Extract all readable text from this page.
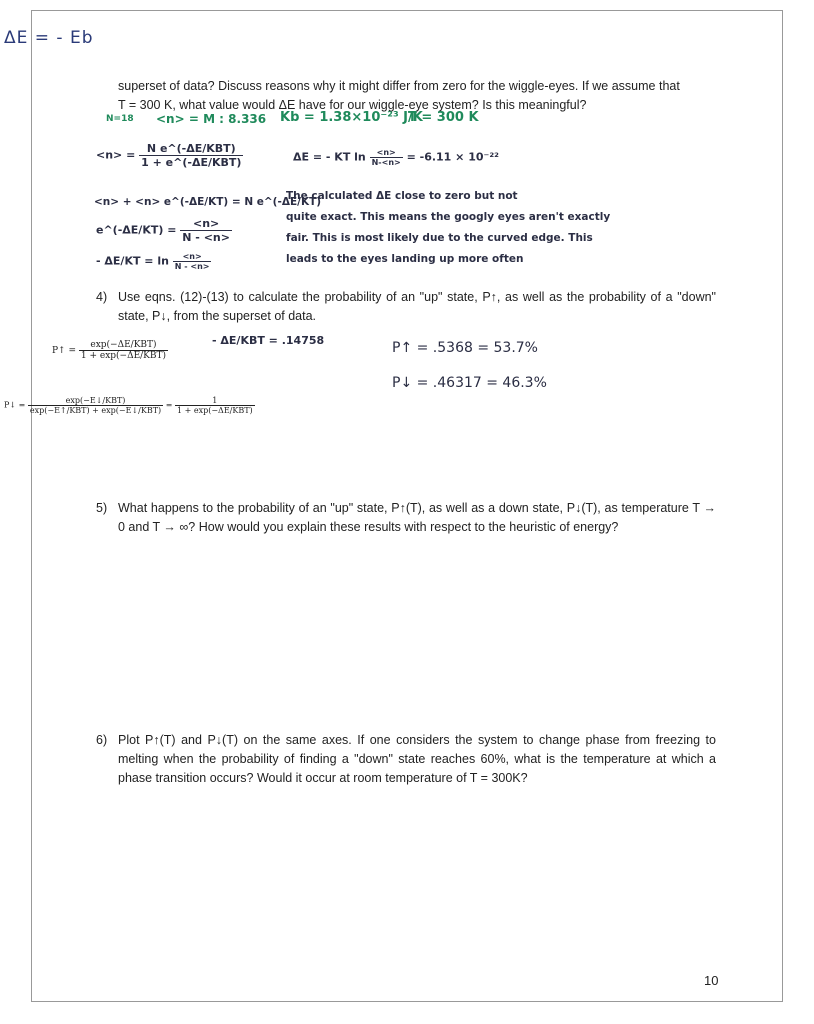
ΔE = - Eb
superset of data? Discuss reasons why it might differ from zero for the wiggle-eyes. If we assume that
T = 300 K, what value would ΔE have for our wiggle-eye system? Is this meaningful?
N=18 <n> = M : 8.336 Kb = 1.38×10⁻²³ J/K
T = 300 K
$<n> = \frac{\text{N e\textasciicircum{}(-ΔE/KBT)}}{\text{1 + e\textasciicircum{}(-ΔE/KBT)}}$
<n> + <n> e^(-ΔE/KT) = N e^(-ΔE/KT)
e^(-ΔE/KT) = $\frac{<n>}{N - <n>}$
- $\Delta E/KT = \ln \frac{<n>}{N - <n>}$
ΔE = - KT $\ln \frac{<n>}{N-<n>} = -6.11 \times 10^{-22}$
The calculated ΔE close to zero but not
quite exact. This means the googly eyes aren't exactly
fair. This is most likely due to the curved edge. This
leads to the eyes landing up more often
4) Use eqns. (12)-(13) to calculate the probability of an "up" state, P↑, as well as the probability of a "down" state, P↓, from the superset of data.
P↑ = $\frac{\text{exp(−ΔE/KBT)}}{\text{1 + exp(−ΔE/KBT)}}$
P↓ = $\frac{\text{exp(−E↓/KBT)}}{\text{exp(−E↑/KBT) + exp(−E↓/KBT)}} = \frac{1}{\text{1 + exp(−ΔE/KBT)}}$
- ΔE/KBT = .14758	P↑ = .5368 = 53.7%
P↓ = .46317 = 46.3%
5) What happens to the probability of an "up" state, P↑(T), as well as a down state, P↓(T), as temperature T → 0 and T → ∞? How would you explain these results with respect to the heuristic of energy?
6) Plot P↑(T) and P↓(T) on the same axes. If one considers the system to change phase from freezing to melting when the probability of finding a "down" state reaches 60%, what is the temperature at which a phase transition occurs? Would it occur at room temperature of T = 300K?
10
